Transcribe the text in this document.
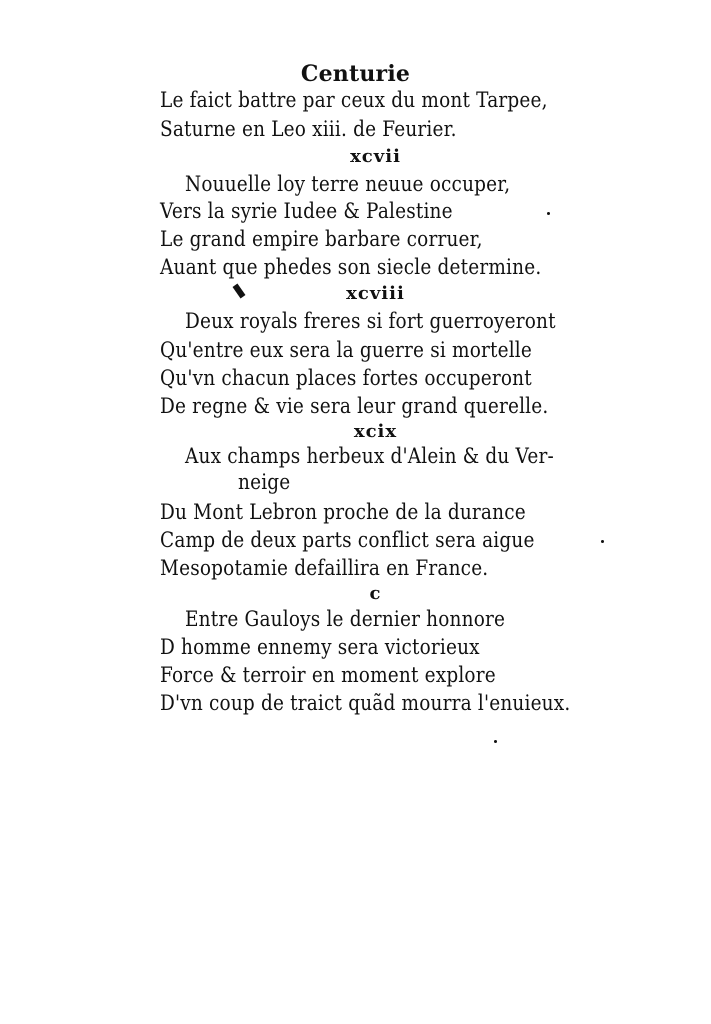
Centurie
Le faict battre par ceux du mont Tarpee,
Saturne en Leo xiii. de Feurier.
xcvii
Nouuelle loy terre neuue occuper,
Vers la syrie Iudee & Palestine
Le grand empire barbare corruer,
Auant que phedes son siecle determine.
xcviii
Deux royals freres si fort guerroyeront
Qu'entre eux sera la guerre si mortelle
Qu'vn chacun places fortes occuperont
De regne & vie sera leur grand querelle.
xcix
Aux champs herbeux d'Alein & du Ver-
neige
Du Mont Lebron proche de la durance
Camp de deux parts conflict sera aigue
Mesopotamie defaillira en France.
c
Entre Gauloys le dernier honnore
D homme ennemy sera victorieux
Force & terroir en moment explore
D'vn coup de traict quãd mourra l'enuieux.
